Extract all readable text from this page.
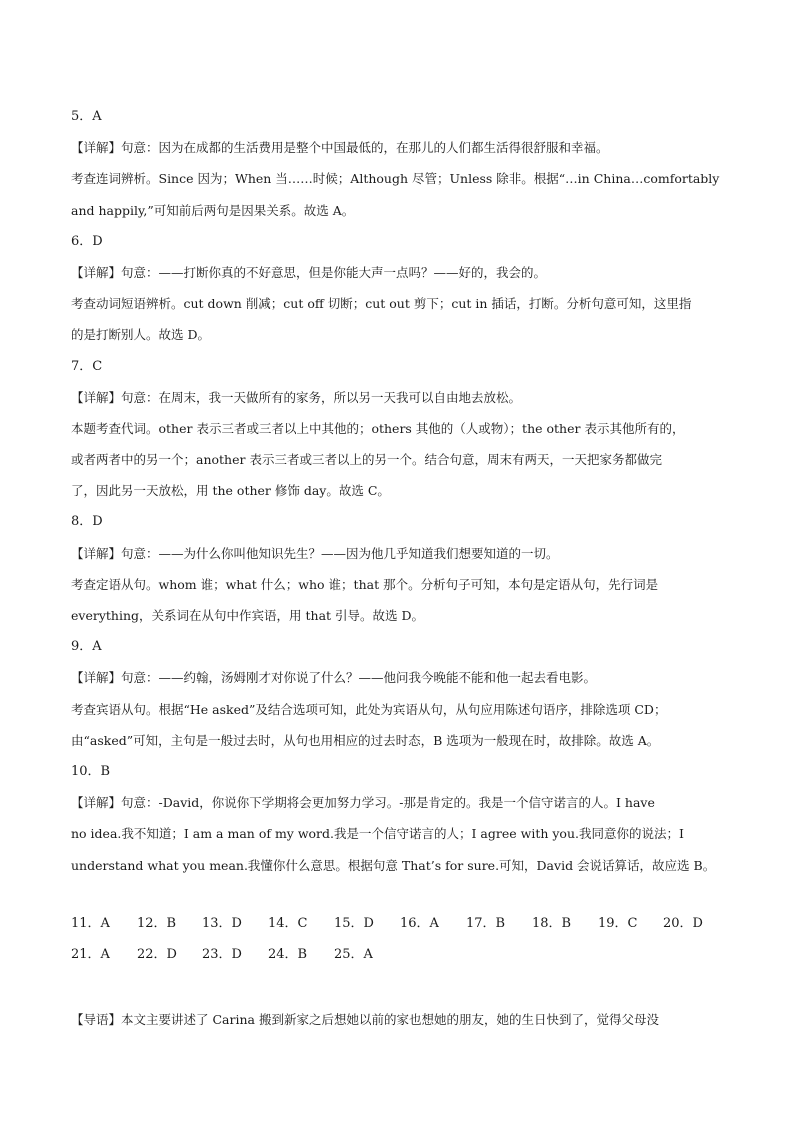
5．A
【详解】句意：因为在成都的生活费用是整个中国最低的，在那儿的人们都生活得很舒服和幸福。
考查连词辨析。Since 因为；When 当……时候；Although 尽管；Unless 除非。根据“…in China…comfortably
and happily,”可知前后两句是因果关系。故选 A。
6．D
【详解】句意：——打断你真的不好意思，但是你能大声一点吗？——好的，我会的。
考查动词短语辨析。cut down 削减；cut off 切断；cut out 剪下；cut in 插话，打断。分析句意可知，这里指
的是打断别人。故选 D。
7．C
【详解】句意：在周末，我一天做所有的家务，所以另一天我可以自由地去放松。
本题考查代词。other 表示三者或三者以上中其他的；others 其他的（人或物）；the other 表示其他所有的，
或者两者中的另一个；another 表示三者或三者以上的另一个。结合句意，周末有两天，一天把家务都做完
了，因此另一天放松，用 the other 修饰 day。故选 C。
8．D
【详解】句意：——为什么你叫他知识先生？——因为他几乎知道我们想要知道的一切。
考查定语从句。whom 谁；what 什么；who 谁；that 那个。分析句子可知，本句是定语从句，先行词是
everything，关系词在从句中作宾语，用 that 引导。故选 D。
9．A
【详解】句意：——约翰，汤姆刚才对你说了什么？——他问我今晚能不能和他一起去看电影。
考查宾语从句。根据“He asked”及结合选项可知，此处为宾语从句，从句应用陈述句语序，排除选项 CD；
由“asked”可知，主句是一般过去时，从句也用相应的过去时态，B 选项为一般现在时，故排除。故选 A。
10．B
【详解】句意：-David，你说你下学期将会更加努力学习。-那是肯定的。我是一个信守诺言的人。I have
no idea.我不知道；I am a man of my word.我是一个信守诺言的人；I agree with you.我同意你的说法；I
understand what you mean.我懂你什么意思。根据句意 That’s for sure.可知，David 会说话算话，故应选 B。
11．A 12．B 13．D 14．C 15．D 16．A 17．B 18．B 19．C 20．D
21．A 22．D 23．D 24．B 25．A
【导语】本文主要讲述了 Carina 搬到新家之后想她以前的家也想她的朋友，她的生日快到了，觉得父母没
